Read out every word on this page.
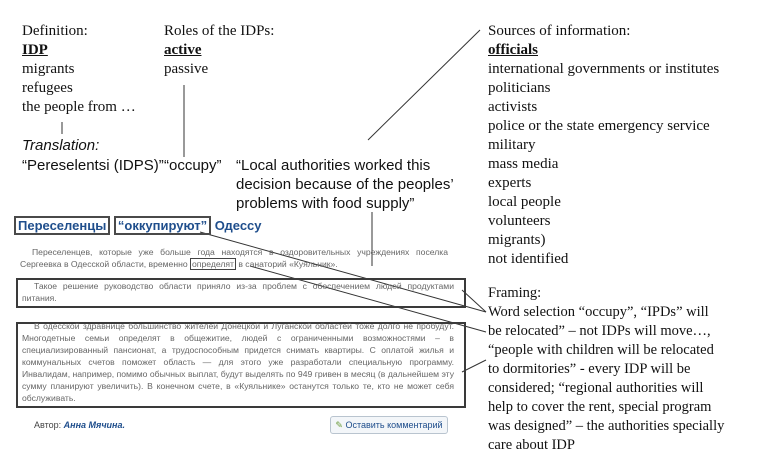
Definition:
IDP
migrants
refugees
the people from …
Roles of the IDPs:
active
passive
Sources of information:
officials
international governments or institutes
politicians
activists
police or the state emergency service
military
mass media
experts
local people
volunteers
migrants)
not identified
Translation:
“Pereselentsi (IDPS)” “occupy” “Local authorities worked this
decision because of the peoples’
problems with food supply”
Framing:
Word selection “occupy”, “IPDs” will
be relocated” – not IDPs will move…,
“people with children will be relocated
to dormitories” - every IDP will be
considered; “regional authorities will
help to cover the rent, special program
was designed” – the authorities specially
care about IDP
Переселенцы “оккупируют” Одессу
Переселенцев, которые уже больше года находятся в оздоровительных учреждениях поселка Сергеевка в Одесской области, временно определят в санаторий «Куяльник».
Такое решение руководство области приняло из-за проблем с обеспечением людей продуктами питания.
В одесской здравнице большинство жителей Донецкой и Луганской областей тоже долго не пробудут. Многодетные семьи определят в общежитие, людей с ограниченными возможностями – в специализированный пансионат, а трудоспособным придется снимать квартиры. С оплатой жилья и коммунальных счетов поможет область — для этого уже разработали специальную программу. Инвалидам, например, помимо обычных выплат, будут выделять по 949 гривен в месяц (в дальнейшем эту сумму планируют увеличить). В конечном счете, в «Куяльнике» останутся только те, кто не может себя обслуживать.
Автор: Анна Мячина.	✎ Оставить комментарий
